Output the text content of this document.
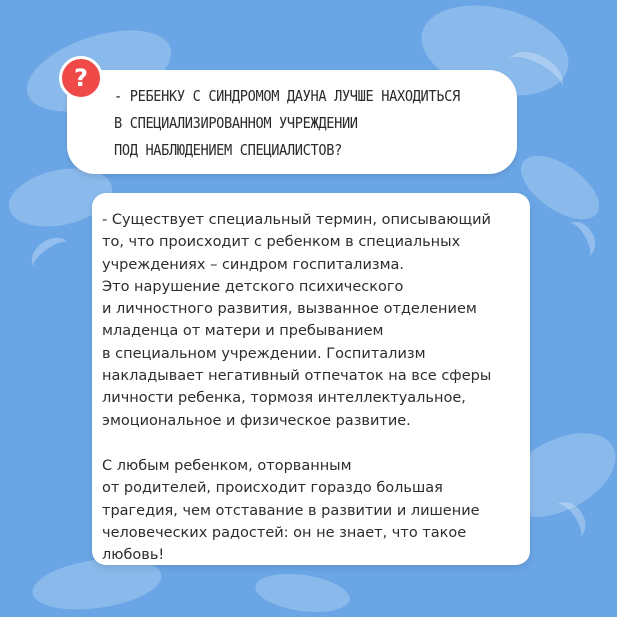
- РЕБЕНКУ С СИНДРОМОМ ДАУНА ЛУЧШЕ НАХОДИТЬСЯ
В СПЕЦИАЛИЗИРОВАННОМ УЧРЕЖДЕНИИ
ПОД НАБЛЮДЕНИЕМ СПЕЦИАЛИСТОВ?

?

- Существует специальный термин, описывающий
то, что происходит с ребенком в специальных
учреждениях – синдром госпитализма.
Это нарушение детского психического
и личностного развития, вызванное отделением
младенца от матери и пребыванием
в специальном учреждении. Госпитализм
накладывает негативный отпечаток на все сферы
личности ребенка, тормозя интеллектуальное,
эмоциональное и физическое развитие.

С любым ребенком, оторванным
от родителей, происходит гораздо большая
трагедия, чем отставание в развитии и лишение
человеческих радостей: он не знает, что такое
любовь!
